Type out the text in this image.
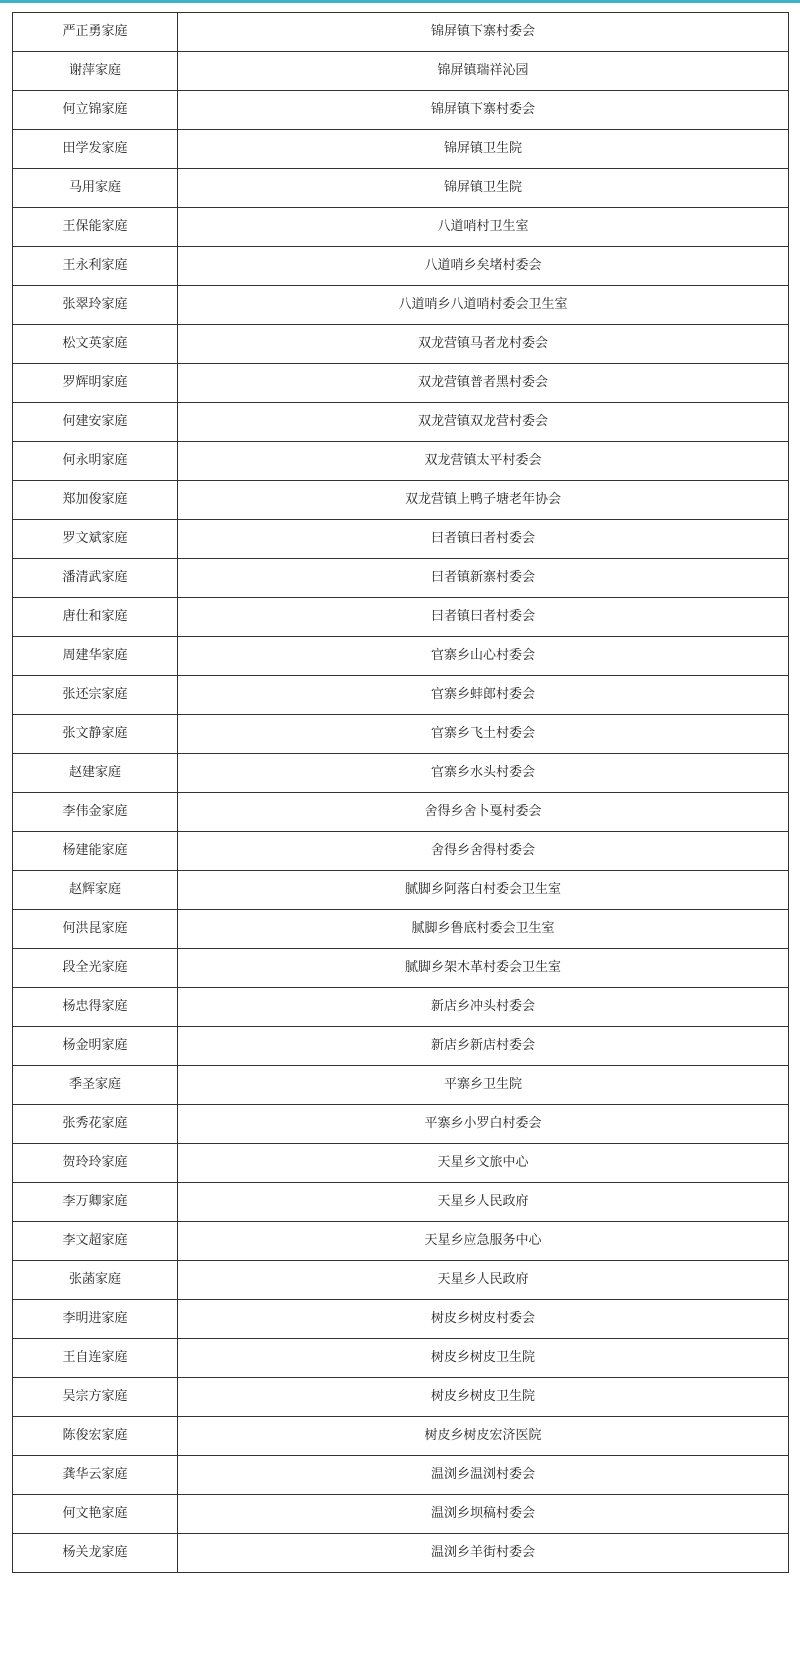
严正勇家庭	锦屏镇下寨村委会
谢萍家庭	锦屏镇瑞祥沁园
何立锦家庭	锦屏镇下寨村委会
田学发家庭	锦屏镇卫生院
马用家庭	锦屏镇卫生院
王保能家庭	八道哨村卫生室
王永利家庭	八道哨乡矣堵村委会
张翠玲家庭	八道哨乡八道哨村委会卫生室
松文英家庭	双龙营镇马者龙村委会
罗辉明家庭	双龙营镇普者黑村委会
何建安家庭	双龙营镇双龙营村委会
何永明家庭	双龙营镇太平村委会
郑加俊家庭	双龙营镇上鸭子塘老年协会
罗文斌家庭	曰者镇曰者村委会
潘清武家庭	曰者镇新寨村委会
唐仕和家庭	曰者镇曰者村委会
周建华家庭	官寨乡山心村委会
张还宗家庭	官寨乡蚌郎村委会
张文静家庭	官寨乡飞土村委会
赵建家庭	官寨乡水头村委会
李伟金家庭	舍得乡舍卜戛村委会
杨建能家庭	舍得乡舍得村委会
赵辉家庭	腻脚乡阿落白村委会卫生室
何洪昆家庭	腻脚乡鲁底村委会卫生室
段全光家庭	腻脚乡架木革村委会卫生室
杨忠得家庭	新店乡冲头村委会
杨金明家庭	新店乡新店村委会
季圣家庭	平寨乡卫生院
张秀花家庭	平寨乡小罗白村委会
贺玲玲家庭	天星乡文旅中心
李万卿家庭	天星乡人民政府
李文超家庭	天星乡应急服务中心
张菡家庭	天星乡人民政府
李明进家庭	树皮乡树皮村委会
王自连家庭	树皮乡树皮卫生院
吴宗方家庭	树皮乡树皮卫生院
陈俊宏家庭	树皮乡树皮宏济医院
龚华云家庭	温浏乡温浏村委会
何文艳家庭	温浏乡坝稿村委会
杨关龙家庭	温浏乡羊街村委会
